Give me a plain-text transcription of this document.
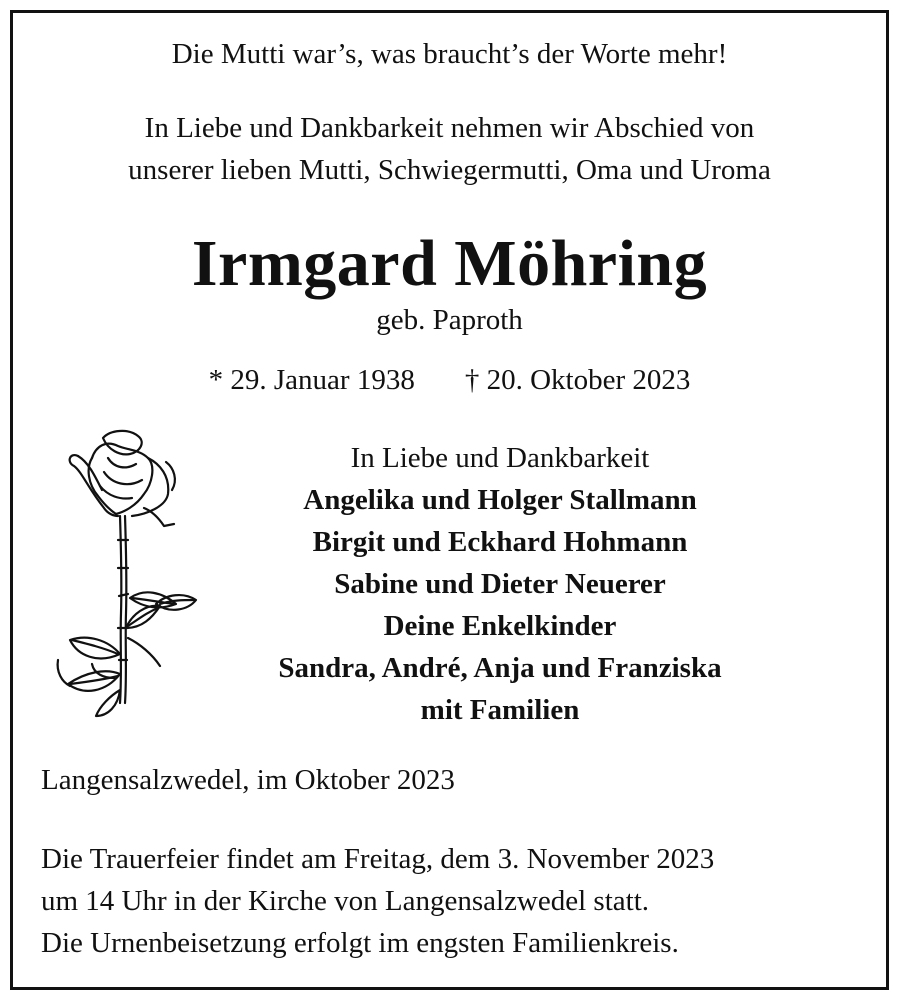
Die Mutti war’s, was braucht’s der Worte mehr!
In Liebe und Dankbarkeit nehmen wir Abschied von
unserer lieben Mutti, Schwiegermutti, Oma und Uroma
Irmgard Möhring
geb. Paproth
* 29. Januar 1938 † 20. Oktober 2023
In Liebe und Dankbarkeit
Angelika und Holger Stallmann
Birgit und Eckhard Hohmann
Sabine und Dieter Neuerer
Deine Enkelkinder
Sandra, André, Anja und Franziska
mit Familien
Langensalzwedel, im Oktober 2023
Die Trauerfeier findet am Freitag, dem 3. November 2023
um 14 Uhr in der Kirche von Langensalzwedel statt.
Die Urnenbeisetzung erfolgt im engsten Familienkreis.
